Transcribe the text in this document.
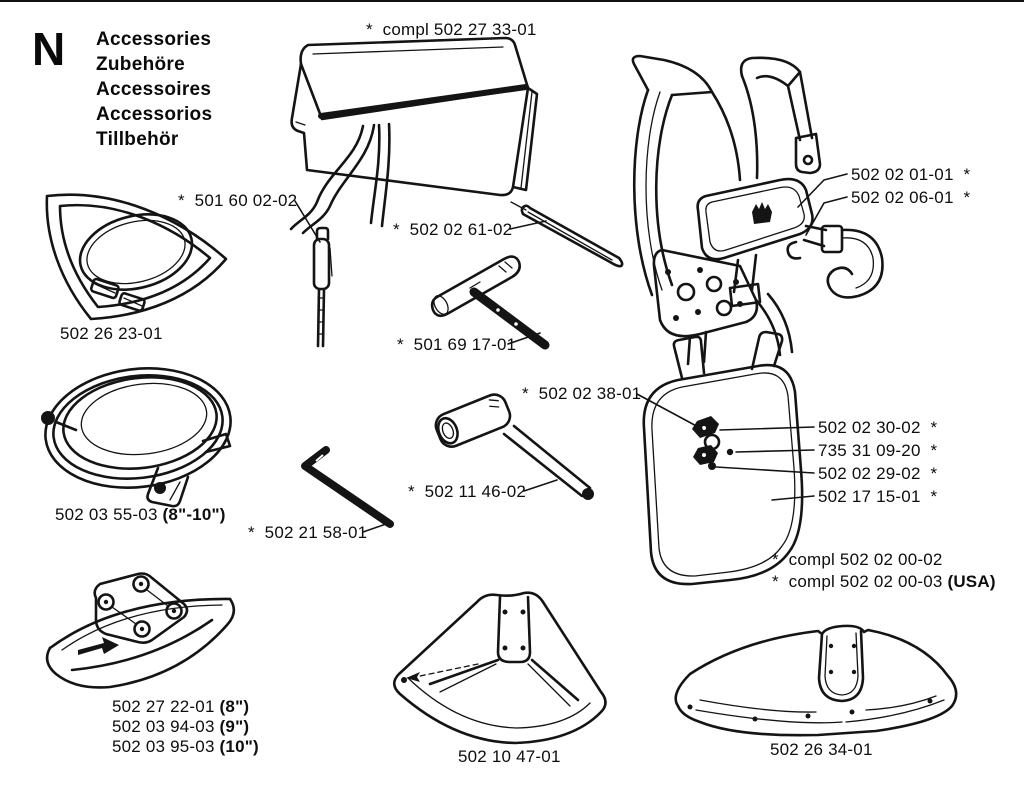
N Accessories
Zubehöre
Accessoires
Accessorios
Tillbehör
*  compl 502 27 33-01
*  501 60 02-02
502 26 23-01
*  502 02 61-02
*  501 69 17-01
502 02 01-01  *
502 02 06-01  *
502 03 55-03 (8"-10")
*  502 21 58-01
*  502 11 46-02
*  502 02 38-01
502 02 30-02  *
735 31 09-20  *
502 02 29-02  *
502 17 15-01  *
*  compl 502 02 00-02
*  compl 502 02 00-03 (USA)
502 27 22-01 (8")
502 03 94-03 (9")
502 03 95-03 (10")
502 10 47-01	502 26 34-01
